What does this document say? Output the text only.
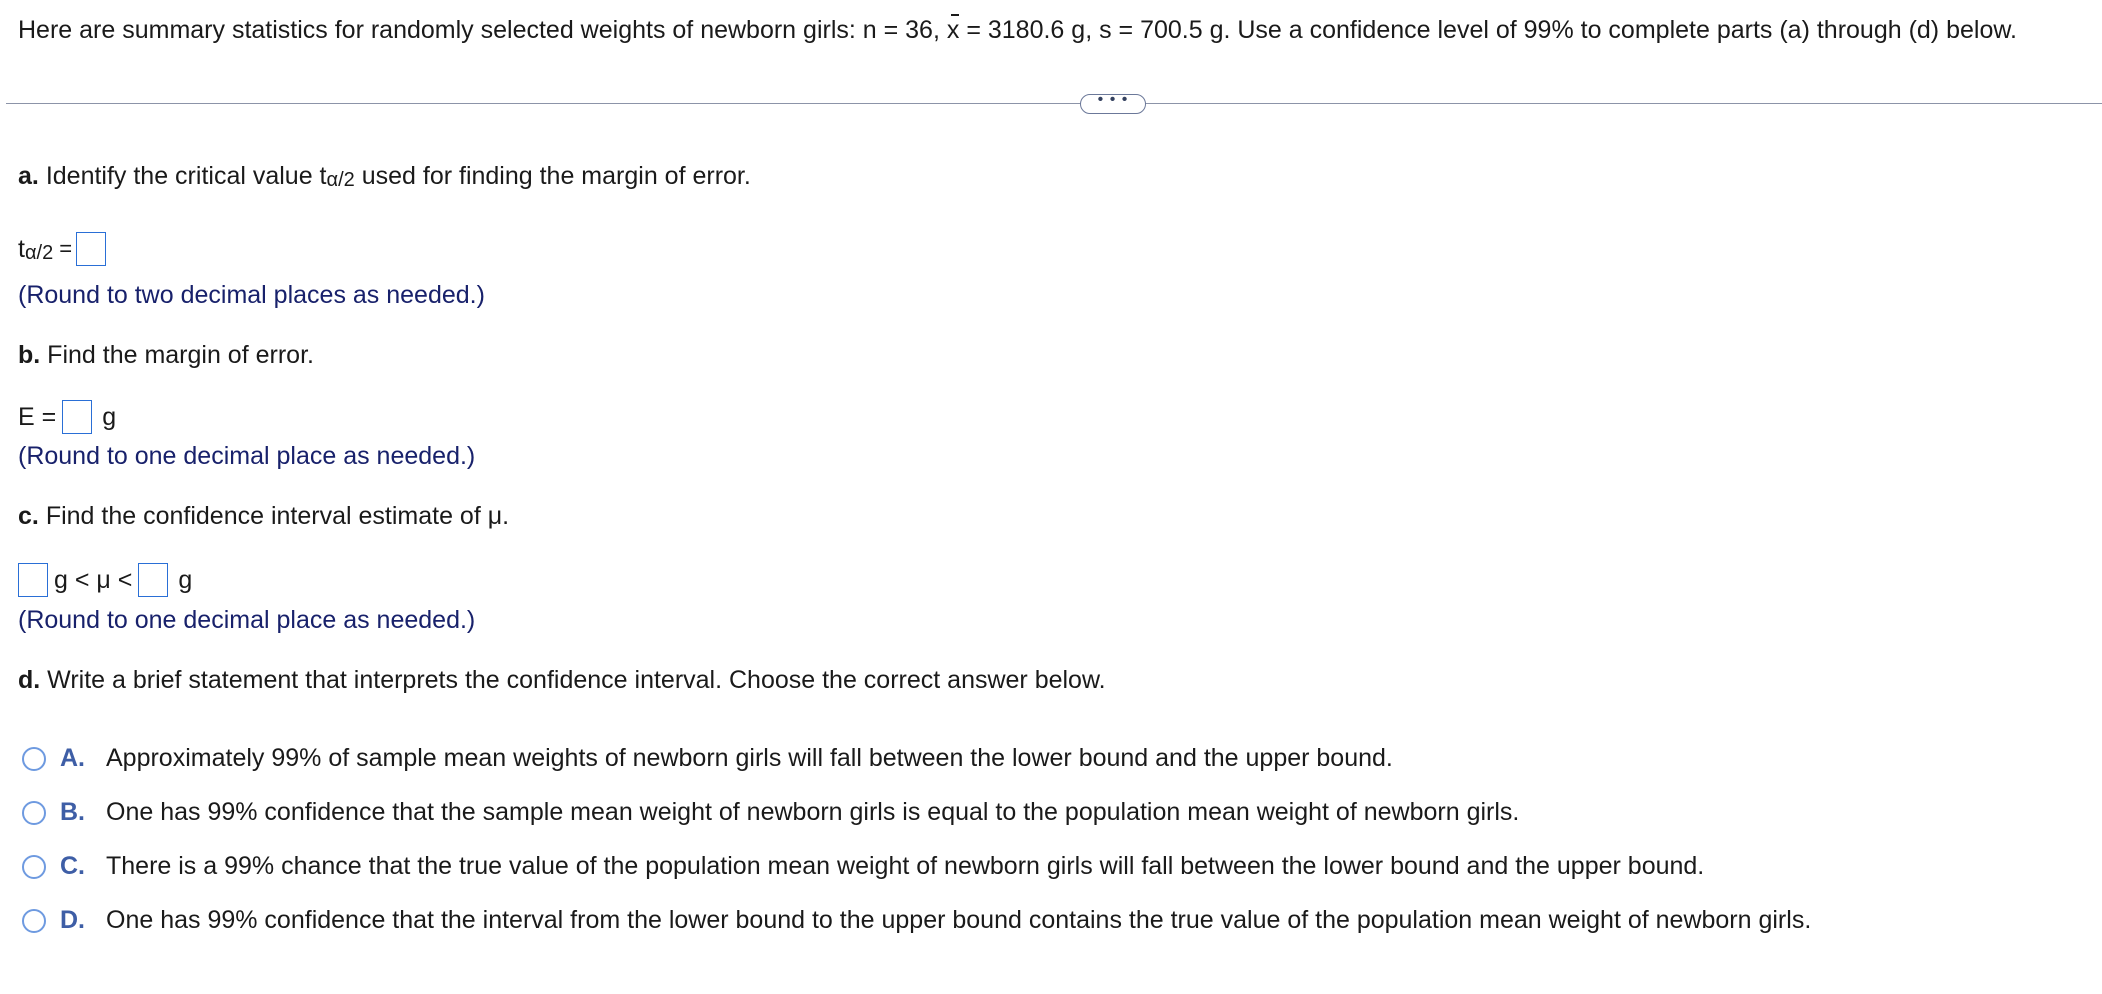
Here are summary statistics for randomly selected weights of newborn girls: n = 36, x = 3180.6 g, s = 700.5 g. Use a confidence level of 99% to complete parts (a) through (d) below.
• • •
a. Identify the critical value $t_{\alpha/2}$ used for finding the margin of error.
$t_{\alpha/2}$ =
(Round to two decimal places as needed.)
b. Find the margin of error.
E = g
(Round to one decimal place as needed.)
c. Find the confidence interval estimate of μ.
g < μ < g
(Round to one decimal place as needed.)
d. Write a brief statement that interprets the confidence interval. Choose the correct answer below.
A. Approximately 99% of sample mean weights of newborn girls will fall between the lower bound and the upper bound.
B. One has 99% confidence that the sample mean weight of newborn girls is equal to the population mean weight of newborn girls.
C. There is a 99% chance that the true value of the population mean weight of newborn girls will fall between the lower bound and the upper bound.
D. One has 99% confidence that the interval from the lower bound to the upper bound contains the true value of the population mean weight of newborn girls.
